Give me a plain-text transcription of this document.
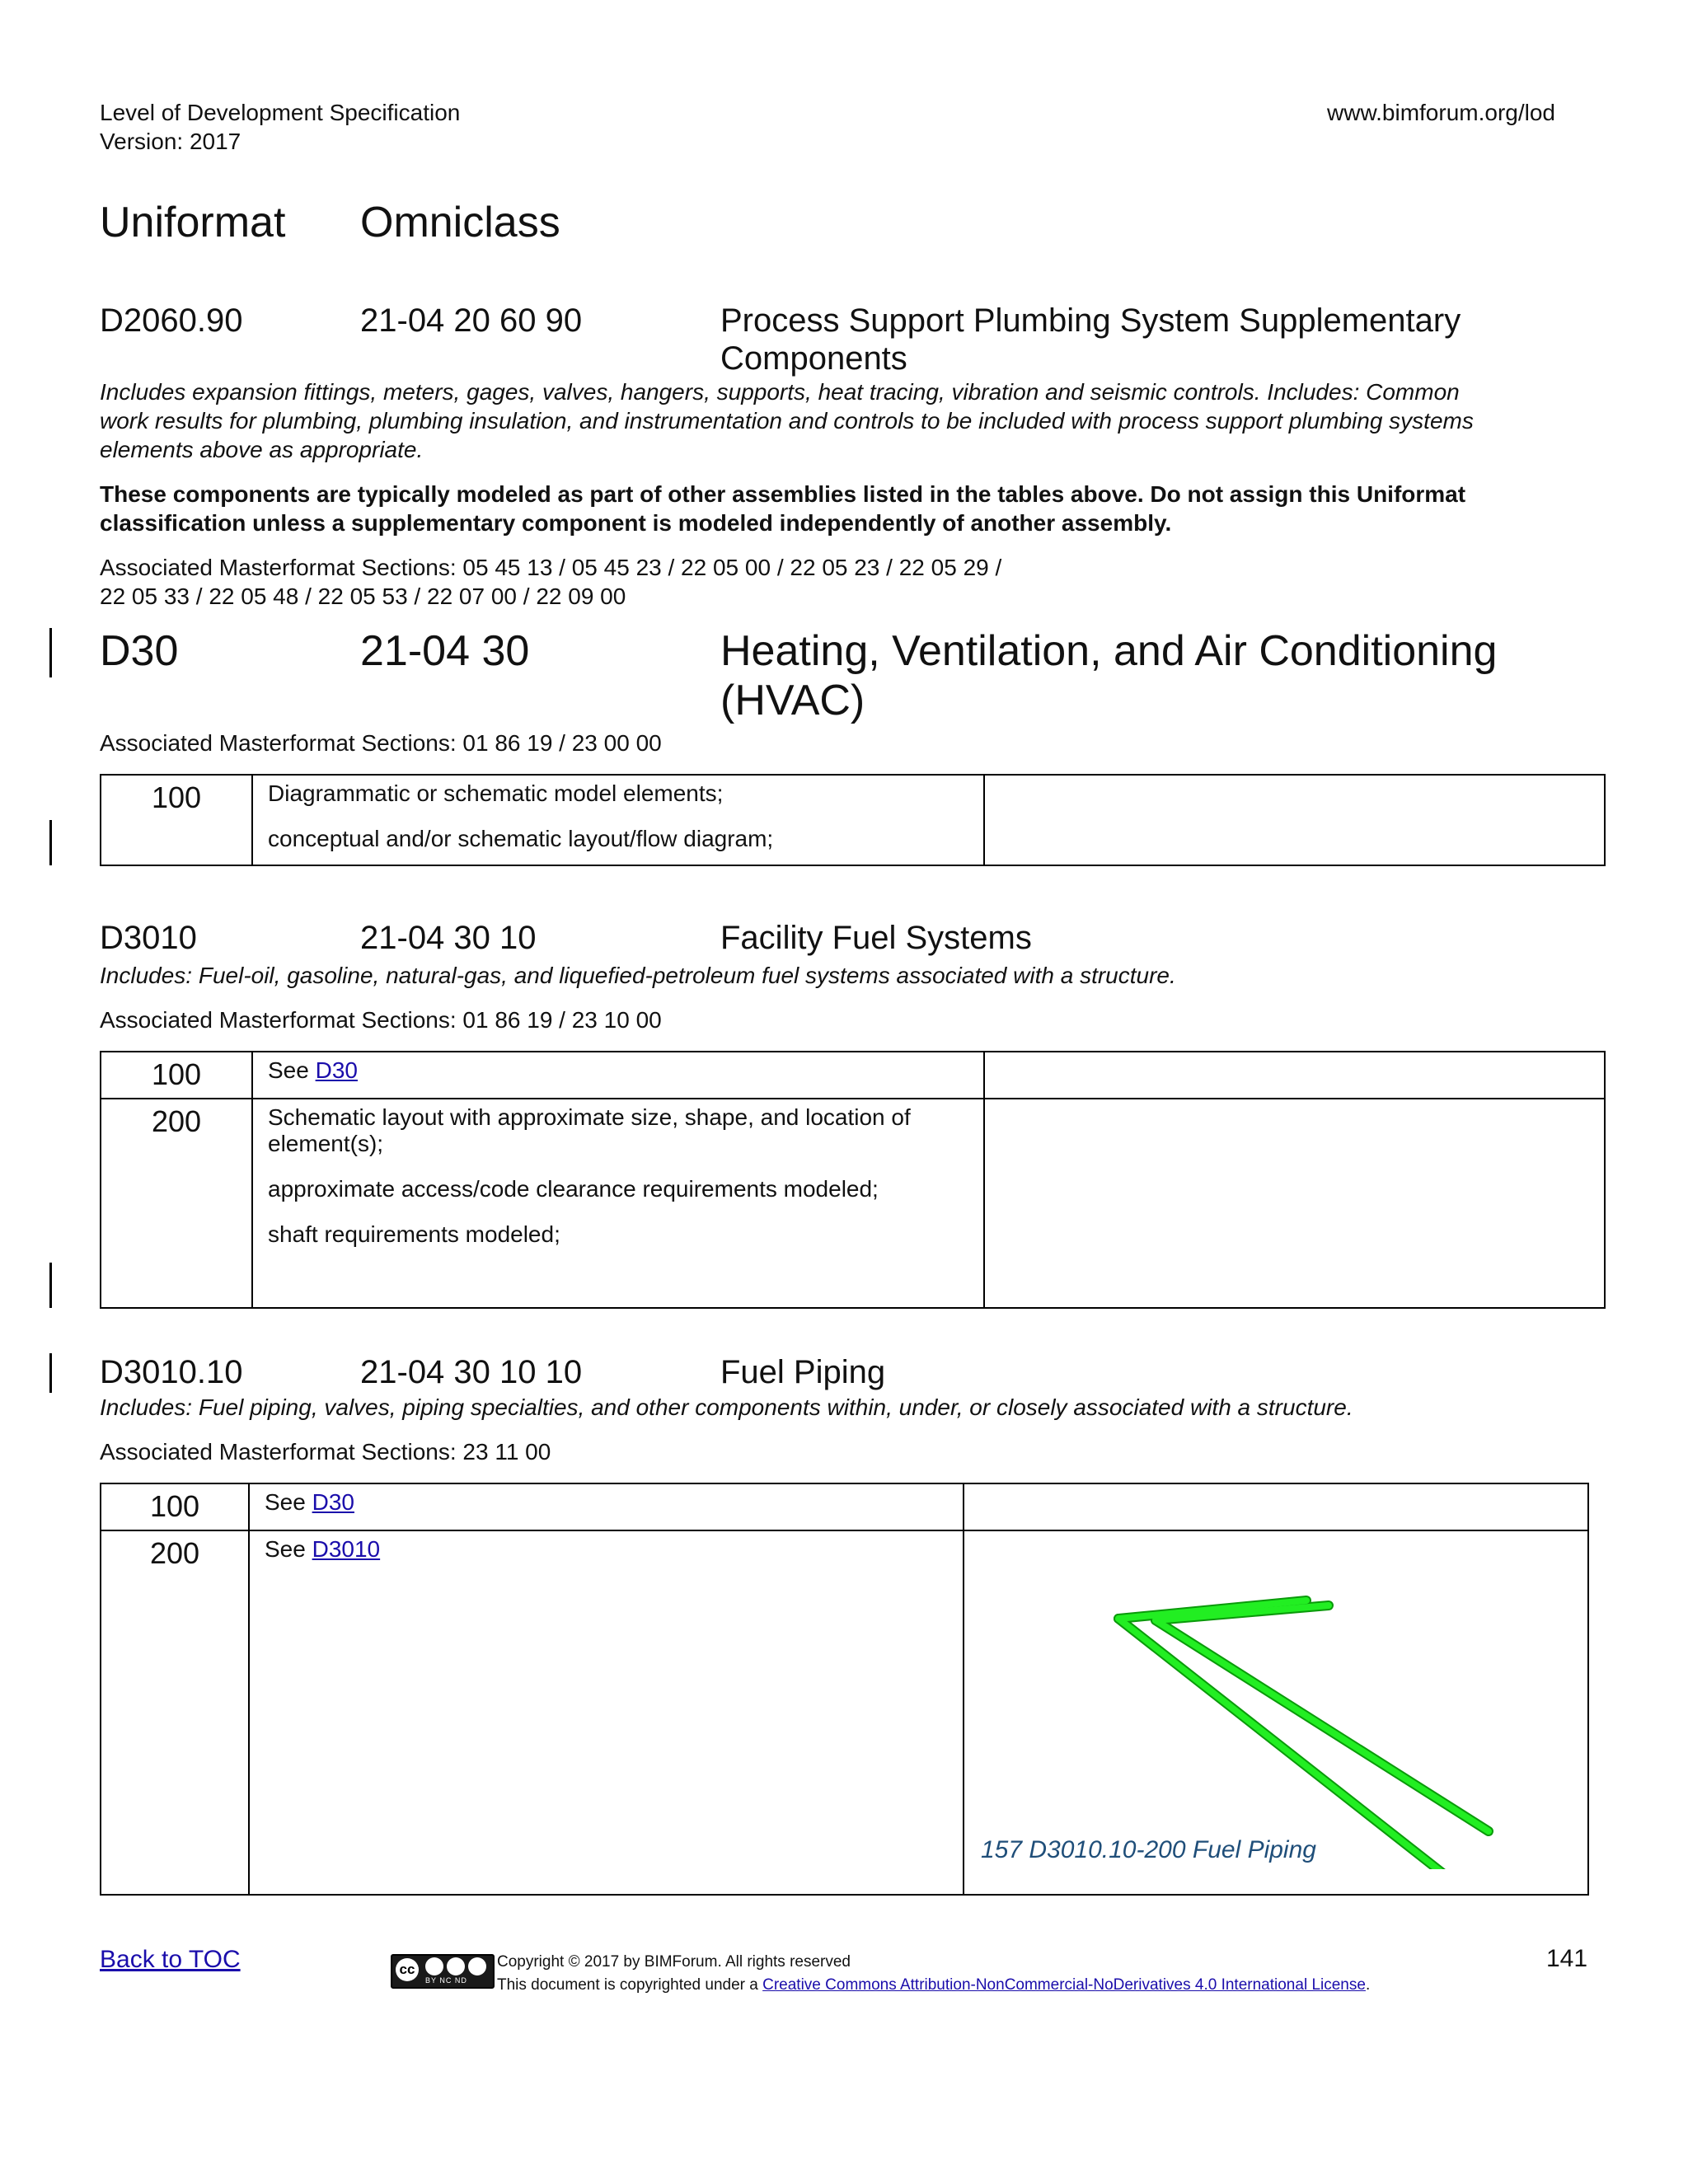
Level of Development Specification
Version: 2017
www.bimforum.org/lod
Uniformat Omniclass
D2060.90	21-04 20 60 90	Process Support Plumbing System Supplementary
Components
Includes expansion fittings, meters, gages, valves, hangers, supports, heat tracing, vibration and seismic controls. Includes: Common
work results for plumbing, plumbing insulation, and instrumentation and controls to be included with process support plumbing systems
elements above as appropriate.
These components are typically modeled as part of other assemblies listed in the tables above. Do not assign this Uniformat
classification unless a supplementary component is modeled independently of another assembly.
Associated Masterformat Sections: 05 45 13 / 05 45 23 / 22 05 00 / 22 05 23 / 22 05 29 /
22 05 33 / 22 05 48 / 22 05 53 / 22 07 00 / 22 09 00
D30	21-04 30	Heating, Ventilation, and Air Conditioning
(HVAC)
Associated Masterformat Sections: 01 86 19 / 23 00 00
100	Diagrammatic or schematic model elements;

conceptual and/or schematic layout/flow diagram;

D3010	21-04 30 10	Facility Fuel Systems
Includes: Fuel-oil, gasoline, natural-gas, and liquefied-petroleum fuel systems associated with a structure.
Associated Masterformat Sections: 01 86 19 / 23 10 00
100	See D30	

200	Schematic layout with approximate size, shape, and location of

element(s);

approximate access/code clearance requirements modeled;

shaft requirements modeled;	

D3010.10	21-04 30 10 10	Fuel Piping
Includes: Fuel piping, valves, piping specialties, and other components within, under, or closely associated with a structure.
Associated Masterformat Sections: 23 11 00
100	See D30	

200	See D3010	157 D3010.10-200 Fuel Piping
Back to TOC	cc
BY NC ND
Copyright © 2017 by BIMForum. All rights reserved
This document is copyrighted under a Creative Commons Attribution-NonCommercial-NoDerivatives 4.0 International License.
141
